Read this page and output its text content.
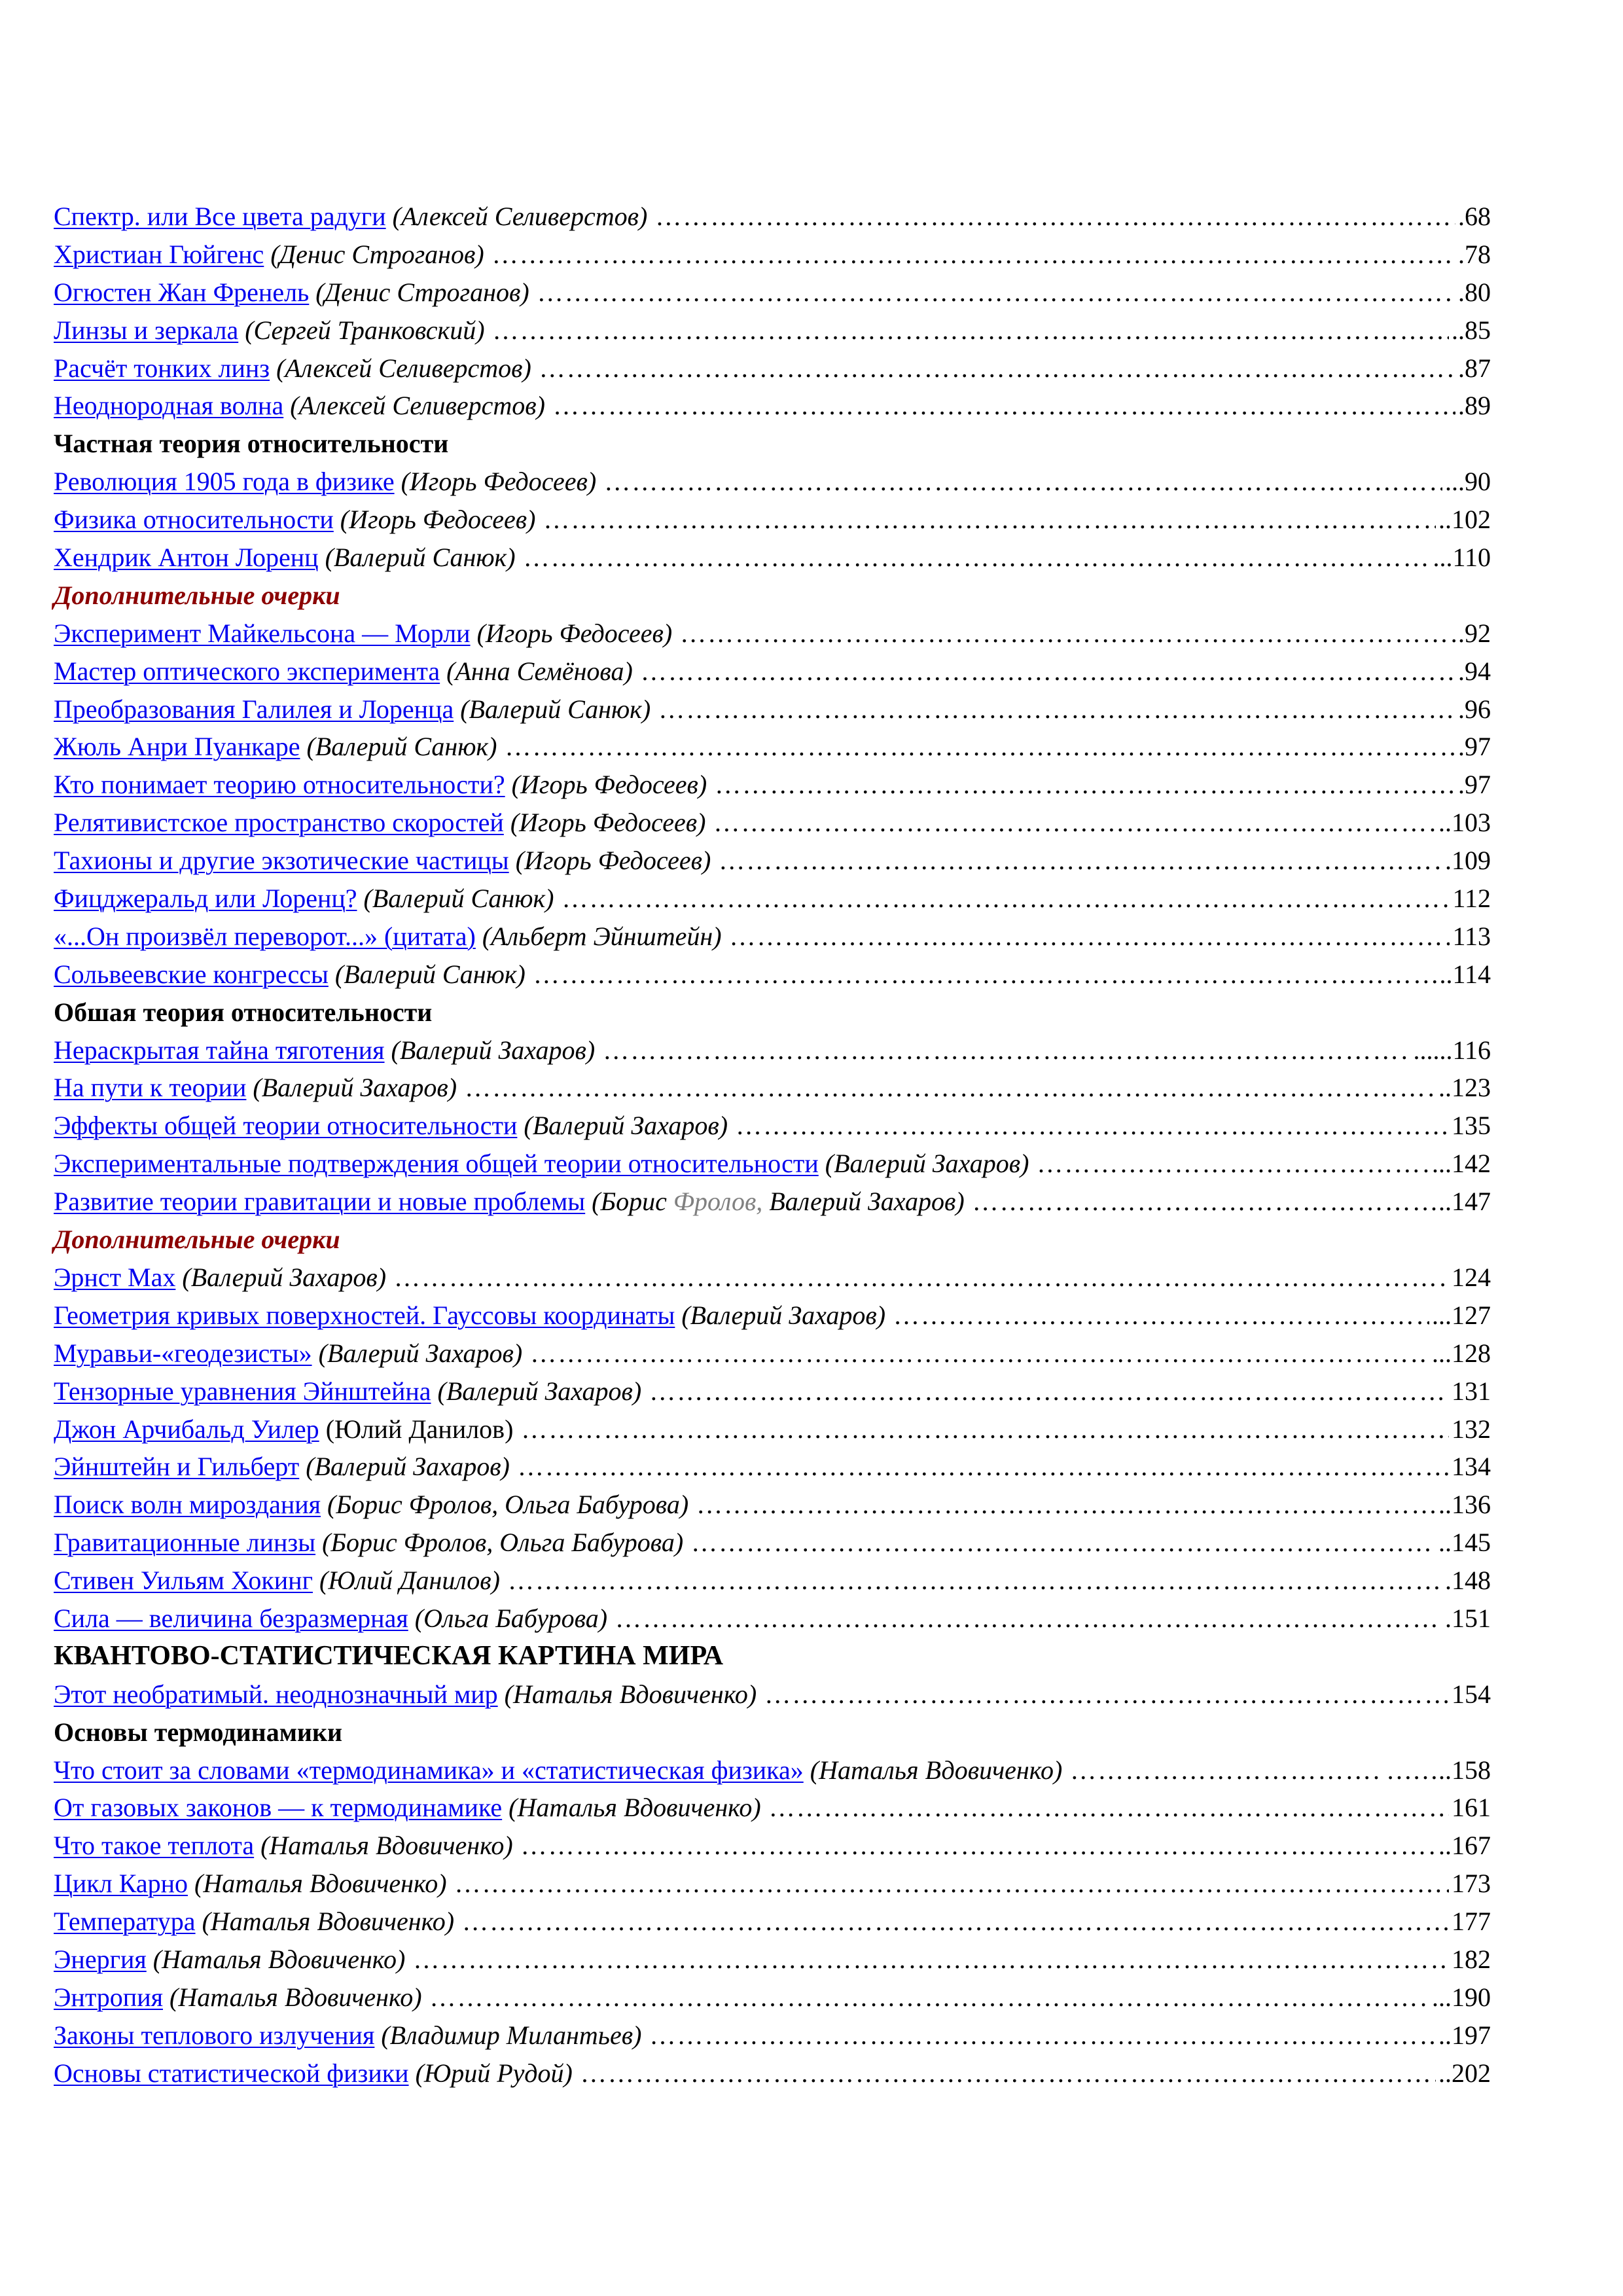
Спектр. или Все цвета радуги (Алексей Селиверстов) ………………………………………………………………………………………………………………………………………………………………………………………………………………………………………………………………	.68
Христиан Гюйгенс (Денис Строганов) ………………………………………………………………………………………………………………………………………………………………………………………………………………………………………………………………	.78
Огюстен Жан Френель (Денис Строганов) ………………………………………………………………………………………………………………………………………………………………………………………………………………………………………………………………	.80
Линзы и зеркала (Сергей Транковский) ………………………………………………………………………………………………………………………………………………………………………………………………………………………………………………………………	..85
Расчёт тонких линз (Алексей Селиверстов) ………………………………………………………………………………………………………………………………………………………………………………………………………………………………………………………………	.87
Неоднородная волна (Алексей Селиверстов) ………………………………………………………………………………………………………………………………………………………………………………………………………………………………………………………………	.89
Частная теория относительности
Революция 1905 года в физике (Игорь Федосеев) ………………………………………………………………………………………………………………………………………………………………………………………………………………………………………………………………	...90
Физика относительности (Игорь Федосеев) ………………………………………………………………………………………………………………………………………………………………………………………………………………………………………………………………	..102
Хендрик Антон Лоренц (Валерий Санюк) ………………………………………………………………………………………………………………………………………………………………………………………………………………………………………………………………	...110
Дополнительные очерки
Эксперимент Майкельсона — Морли (Игорь Федосеев) ………………………………………………………………………………………………………………………………………………………………………………………………………………………………………………………………	.92
Мастер оптического эксперимента (Анна Семёнова) ………………………………………………………………………………………………………………………………………………………………………………………………………………………………………………………………	.94
Преобразования Галилея и Лоренца (Валерий Санюк) ………………………………………………………………………………………………………………………………………………………………………………………………………………………………………………………………	.96
Жюль Анри Пуанкаре (Валерий Санюк) ………………………………………………………………………………………………………………………………………………………………………………………………………………………………………………………………	.97
Кто понимает теорию относительности? (Игорь Федосеев) ………………………………………………………………………………………………………………………………………………………………………………………………………………………………………………………………	.97
Релятивистское пространство скоростей (Игорь Федосеев) ………………………………………………………………………………………………………………………………………………………………………………………………………………………………………………………………	..103
Тахионы и другие экзотические частицы (Игорь Федосеев) ………………………………………………………………………………………………………………………………………………………………………………………………………………………………………………………………	.109
Фицджеральд или Лоренц? (Валерий Санюк) ………………………………………………………………………………………………………………………………………………………………………………………………………………………………………………………………	112
«...Он произвёл переворот...» (цитата) (Альберт Эйнштейн) ………………………………………………………………………………………………………………………………………………………………………………………………………………………………………………………………	113
Сольвеевские конгрессы (Валерий Санюк) ………………………………………………………………………………………………………………………………………………………………………………………………………………………………………………………………	..114
Обшая теория относительности
Нераскрытая тайна тяготения (Валерий Захаров) ………………………………………………………………………………………………………………………………………………………………………………………………………………………………………………………………	......116
На пути к теории (Валерий Захаров) ………………………………………………………………………………………………………………………………………………………………………………………………………………………………………………………………	..123
Эффекты общей теории относительности (Валерий Захаров) ………………………………………………………………………………………………………………………………………………………………………………………………………………………………………………………………	135
Экспериментальные подтверждения общей теории относительности (Валерий Захаров) ………………………………………………………………………………………………………………………………………………………………………………………………………………………………………………………………	...142
Развитие теории гравитации и новые проблемы (Борис Фролов, Валерий Захаров) ………………………………………………………………………………………………………………………………………………………………………………………………………………………………………………………………	..147
Дополнительные очерки
Эрнст Мах (Валерий Захаров) ………………………………………………………………………………………………………………………………………………………………………………………………………………………………………………………………	124
Геометрия кривых поверхностей. Гауссовы координаты (Валерий Захаров) ………………………………………………………………………………………………………………………………………………………………………………………………………………………………………………………………	...127
Муравьи-«геодезисты» (Валерий Захаров) ………………………………………………………………………………………………………………………………………………………………………………………………………………………………………………………………	...128
Тензорные уравнения Эйнштейна (Валерий Захаров) ………………………………………………………………………………………………………………………………………………………………………………………………………………………………………………………………	131
Джон Арчибальд Уилер (Юлий Данилов) ………………………………………………………………………………………………………………………………………………………………………………………………………………………………………………………………	132
Эйнштейн и Гильберт (Валерий Захаров) ………………………………………………………………………………………………………………………………………………………………………………………………………………………………………………………………	134
Поиск волн мироздания (Борис Фролов, Ольга Бабурова) ………………………………………………………………………………………………………………………………………………………………………………………………………………………………………………………………	..136
Гравитационные линзы (Борис Фролов, Ольга Бабурова) ………………………………………………………………………………………………………………………………………………………………………………………………………………………………………………………………	..145
Стивен Уильям Хокинг (Юлий Данилов) ………………………………………………………………………………………………………………………………………………………………………………………………………………………………………………………………	.148
Сила — величина безразмерная (Ольга Бабурова) ………………………………………………………………………………………………………………………………………………………………………………………………………………………………………………………………	.151
КВАНТОВО-СТАТИСТИЧЕСКАЯ КАРТИНА МИРА
Этот необратимый. неоднозначный мир (Наталья Вдовиченко) ………………………………………………………………………………………………………………………………………………………………………………………………………………………………………………………………	154
Основы термодинамики
Что стоит за словами «термодинамика» и «статистическая физика» (Наталья Вдовиченко) ………………………………………………………………………………………………………………………………………………………………………………………………………………………………………………………………	. ……..158
От газовых законов — к термодинамике (Наталья Вдовиченко) ………………………………………………………………………………………………………………………………………………………………………………………………………………………………………………………………	161
Что такое теплота (Наталья Вдовиченко) ………………………………………………………………………………………………………………………………………………………………………………………………………………………………………………………………	..167
Цикл Карно (Наталья Вдовиченко) ………………………………………………………………………………………………………………………………………………………………………………………………………………………………………………………………	173
Температура (Наталья Вдовиченко) ………………………………………………………………………………………………………………………………………………………………………………………………………………………………………………………………	177
Энергия (Наталья Вдовиченко) ………………………………………………………………………………………………………………………………………………………………………………………………………………………………………………………………	182
Энтропия (Наталья Вдовиченко) ………………………………………………………………………………………………………………………………………………………………………………………………………………………………………………………………	...190
Законы теплового излучения (Владимир Милантьев) ………………………………………………………………………………………………………………………………………………………………………………………………………………………………………………………………	..197
Основы статистической физики (Юрий Рудой) ………………………………………………………………………………………………………………………………………………………………………………………………………………………………………………………………	..202
